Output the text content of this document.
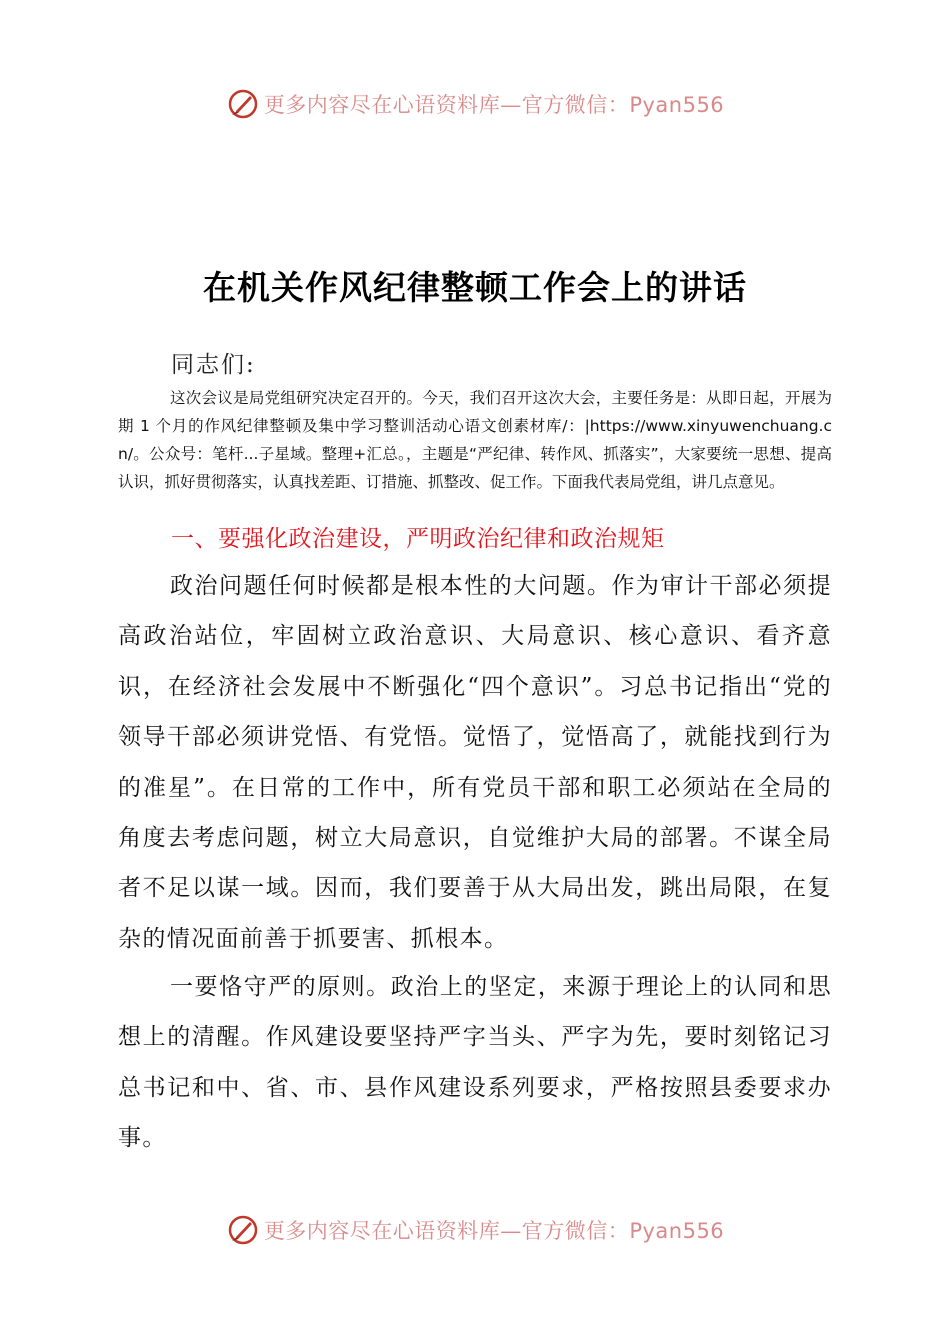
更多内容尽在心语资料库—官方微信：Pyan556
在机关作风纪律整顿工作会上的讲话
同志们:
这次会议是局党组研究决定召开的。今天，我们召开这次大会，主要任务是：从即日起，开展为期 1 个月的作风纪律整顿及集中学习整训活动心语文创素材库/：|https://www.xinyuwenchuang.cn/。公众号：笔杆...子星域。整理+汇总。，主题是“严纪律、转作风、抓落实”，大家要统一思想、提高认识，抓好贯彻落实，认真找差距、订措施、抓整改、促工作。下面我代表局党组，讲几点意见。
一、要强化政治建设，严明政治纪律和政治规矩
政治问题任何时候都是根本性的大问题。作为审计干部必须提高政治站位，牢固树立政治意识、大局意识、核心意识、看齐意识，在经济社会发展中不断强化“四个意识”。习总书记指出“党的领导干部必须讲党悟、有党悟。觉悟了，觉悟高了，就能找到行为的准星”。在日常的工作中，所有党员干部和职工必须站在全局的角度去考虑问题，树立大局意识，自觉维护大局的部署。不谋全局者不足以谋一域。因而，我们要善于从大局出发，跳出局限，在复杂的情况面前善于抓要害、抓根本。
一要恪守严的原则。政治上的坚定，来源于理论上的认同和思想上的清醒。作风建设要坚持严字当头、严字为先，要时刻铭记习总书记和中、省、市、县作风建设系列要求，严格按照县委要求办事。
更多内容尽在心语资料库—官方微信：Pyan556
